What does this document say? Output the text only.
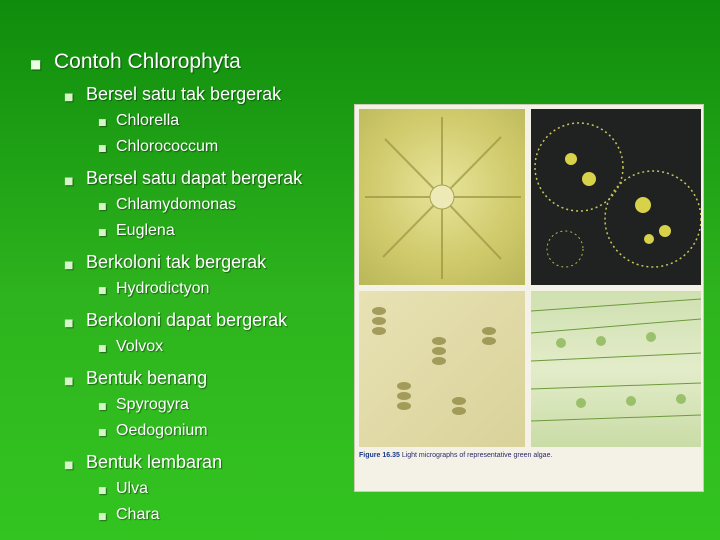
■ Contoh Chlorophyta
■ Bersel satu tak bergerak
■ Chlorella
■ Chlorococcum
■ Bersel satu dapat bergerak
■ Chlamydomonas
■ Euglena
■ Berkoloni tak bergerak
■ Hydrodictyon
■ Berkoloni dapat bergerak
■ Volvox
■ Bentuk benang
■ Spyrogyra
■ Oedogonium
■ Bentuk lembaran
■ Ulva
■ Chara
Figure 16.35 Light micrographs of representative green algae.
